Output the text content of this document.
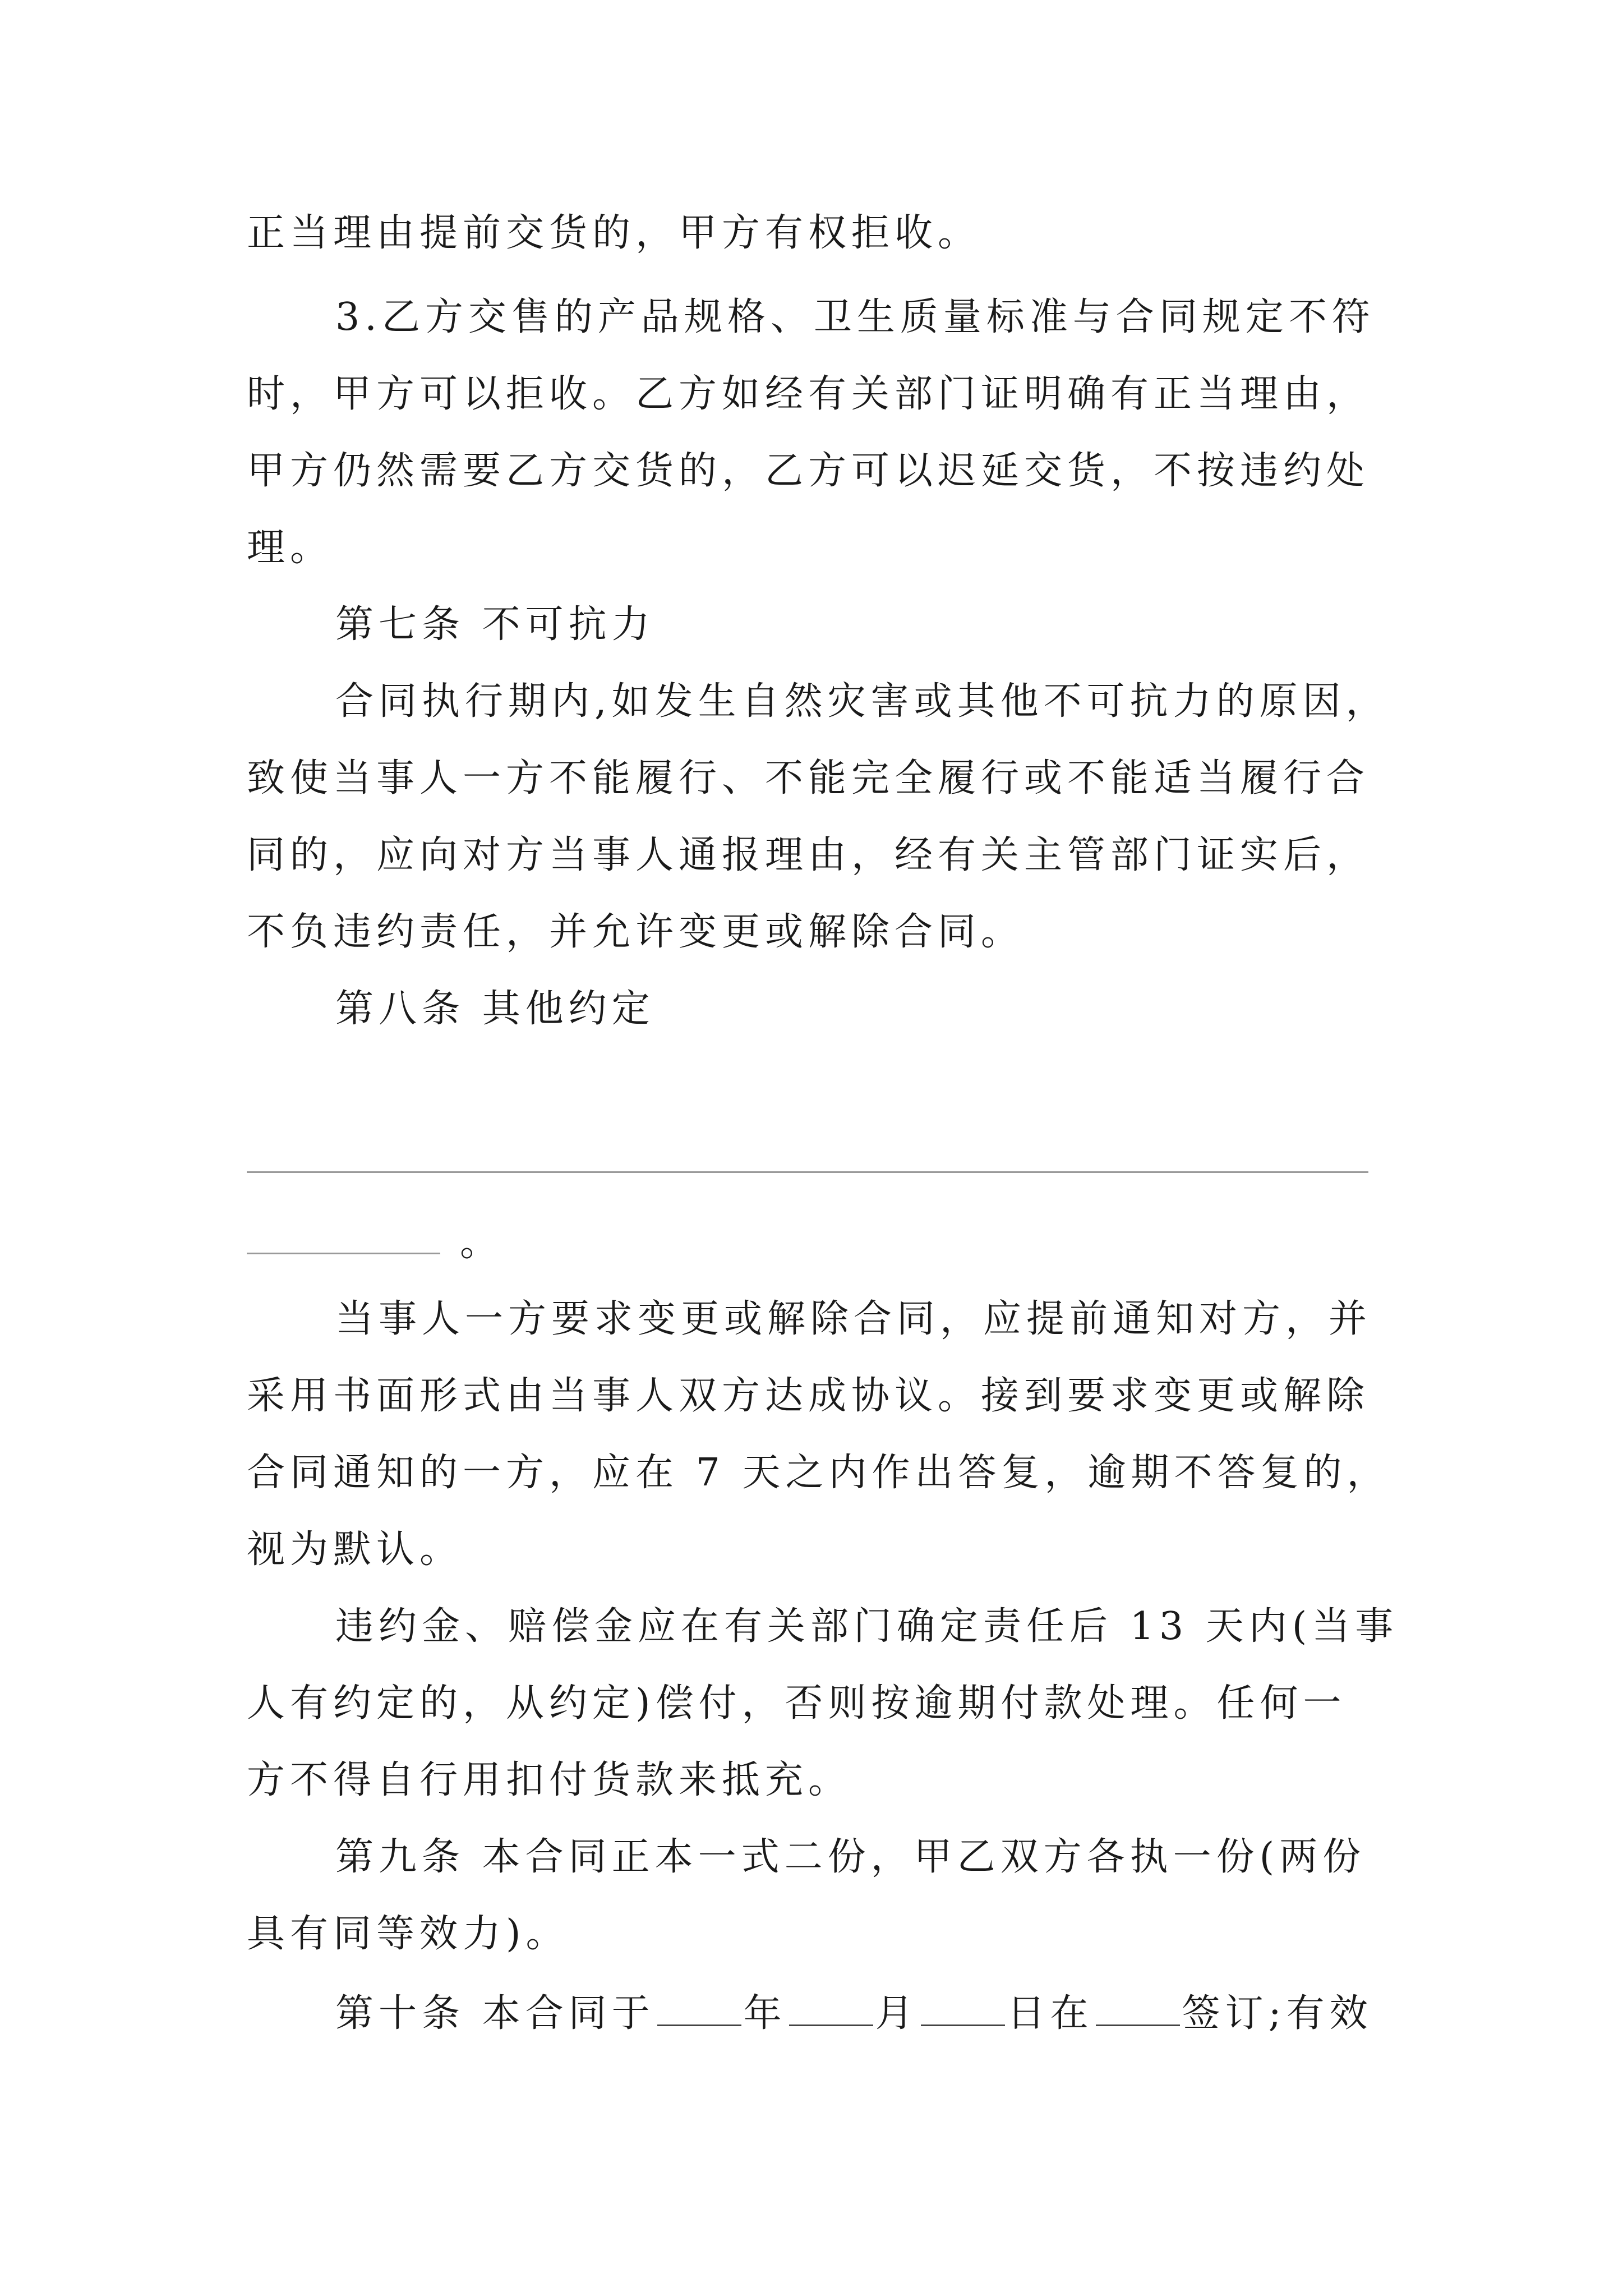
正当理由提前交货的，甲方有权拒收。
3.乙方交售的产品规格、卫生质量标准与合同规定不符
时，甲方可以拒收。乙方如经有关部门证明确有正当理由，
甲方仍然需要乙方交货的，乙方可以迟延交货，不按违约处
理。
第七条 不可抗力
合同执行期内,如发生自然灾害或其他不可抗力的原因，
致使当事人一方不能履行、不能完全履行或不能适当履行合
同的，应向对方当事人通报理由，经有关主管部门证实后，
不负违约责任，并允许变更或解除合同。
第八条 其他约定
。
当事人一方要求变更或解除合同，应提前通知对方，并
采用书面形式由当事人双方达成协议。接到要求变更或解除
合同通知的一方，应在 7 天之内作出答复，逾期不答复的，
视为默认。
违约金、赔偿金应在有关部门确定责任后 13 天内(当事
人有约定的，从约定)偿付，否则按逾期付款处理。任何一
方不得自行用扣付货款来抵充。
第九条 本合同正本一式二份，甲乙双方各执一份(两份
具有同等效力)。
第十条 本合同于 年 月 日在 签订;有效
